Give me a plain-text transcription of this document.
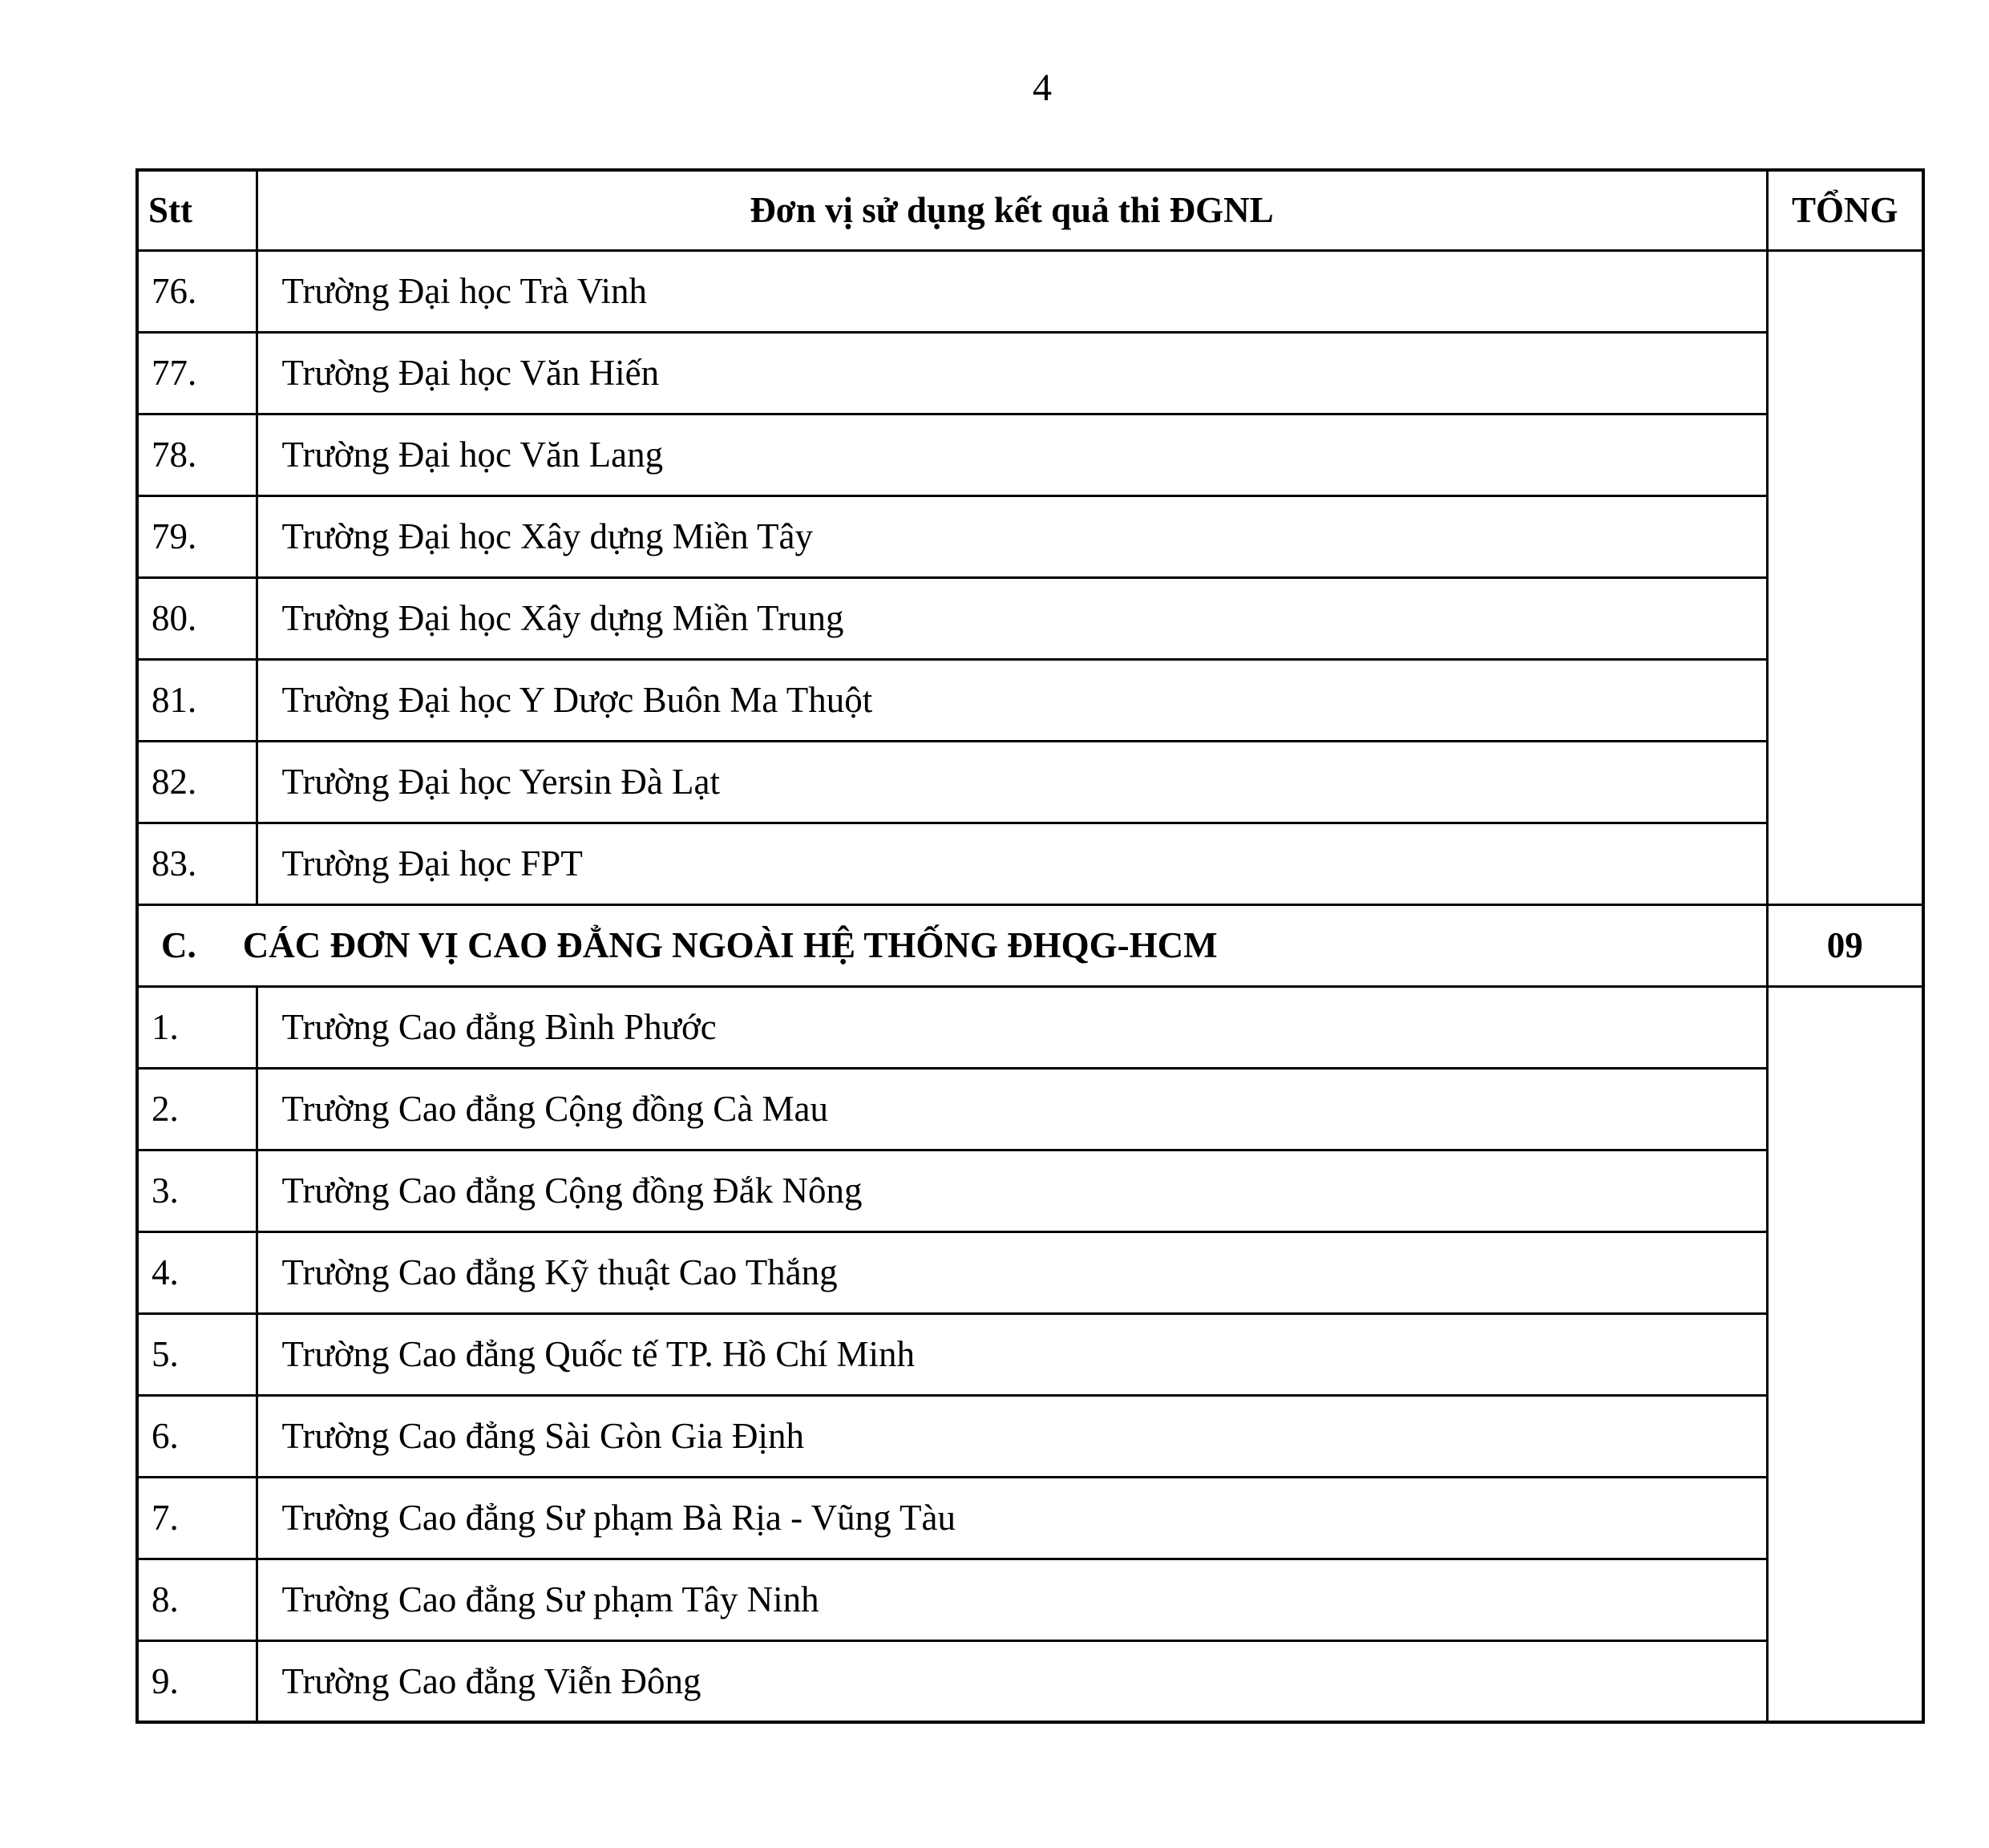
4
Stt	Đơn vị sử dụng kết quả thi ĐGNL	TỔNG
76.	Trường Đại học Trà Vinh	
77.	Trường Đại học Văn Hiến	
78.	Trường Đại học Văn Lang	
79.	Trường Đại học Xây dựng Miền Tây	
80.	Trường Đại học Xây dựng Miền Trung	
81.	Trường Đại học Y Dược Buôn Ma Thuột	
82.	Trường Đại học Yersin Đà Lạt	
83.	Trường Đại học FPT	
C. CÁC ĐƠN VỊ CAO ĐẲNG NGOÀI HỆ THỐNG ĐHQG-HCM		09
1.	Trường Cao đẳng Bình Phước	
2.	Trường Cao đẳng Cộng đồng Cà Mau	
3.	Trường Cao đẳng Cộng đồng Đắk Nông	
4.	Trường Cao đẳng Kỹ thuật Cao Thắng	
5.	Trường Cao đẳng Quốc tế TP. Hồ Chí Minh	
6.	Trường Cao đẳng Sài Gòn Gia Định	
7.	Trường Cao đẳng Sư phạm Bà Rịa - Vũng Tàu	
8.	Trường Cao đẳng Sư phạm Tây Ninh	
9.	Trường Cao đẳng Viễn Đông	
